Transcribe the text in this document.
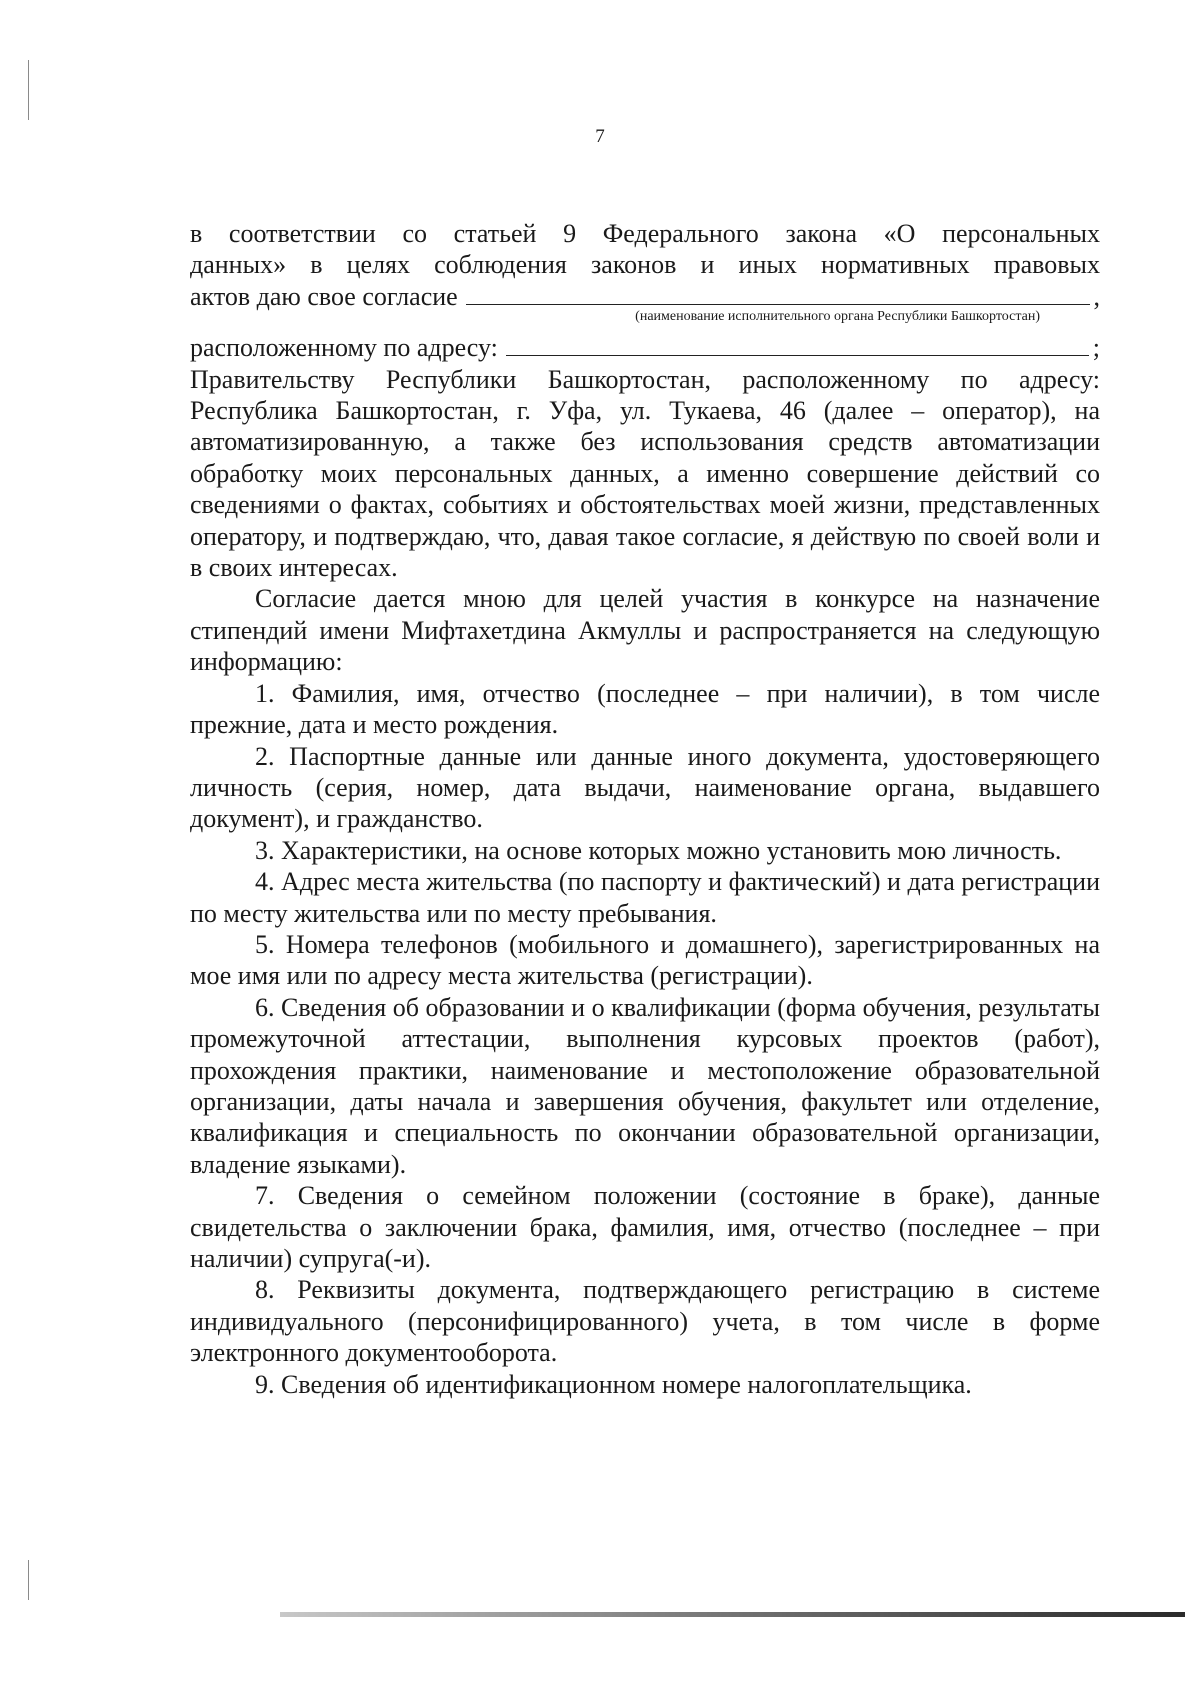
7

в соответствии со статьей 9 Федерального закона «О персональных

данных» в целях соблюдения законов и иных нормативных правовых

актов даю свое согласие	,
(наименование исполнительного органа Республики Башкортостан)
расположенному по адресу:	;

Правительству Республики Башкортостан, расположенному по адресу: Республика Башкортостан, г. Уфа, ул. Тукаева, 46 (далее – оператор), на автоматизированную, а также без использования средств автоматизации обработку моих персональных данных, а именно совершение действий со сведениями о фактах, событиях и обстоятельствах моей жизни, представленных оператору, и подтверждаю, что, давая такое согласие, я действую по своей воли и в своих интересах.

Согласие дается мною для целей участия в конкурсе на назначение стипендий имени Мифтахетдина Акмуллы и распространяется на следующую информацию:

1. Фамилия, имя, отчество (последнее – при наличии), в том числе прежние, дата и место рождения.

2. Паспортные данные или данные иного документа, удостоверяющего личность (серия, номер, дата выдачи, наименование органа, выдавшего документ), и гражданство.

3. Характеристики, на основе которых можно установить мою личность.

4. Адрес места жительства (по паспорту и фактический) и дата регистрации по месту жительства или по месту пребывания.

5. Номера телефонов (мобильного и домашнего), зарегистрированных на мое имя или по адресу места жительства (регистрации).

6. Сведения об образовании и о квалификации (форма обучения, результаты промежуточной аттестации, выполнения курсовых проектов (работ), прохождения практики, наименование и местоположение образовательной организации, даты начала и завершения обучения, факультет или отделение, квалификация и специальность по окончании образовательной организации, владение языками).

7. Сведения о семейном положении (состояние в браке), данные свидетельства о заключении брака, фамилия, имя, отчество (последнее – при наличии) супруга(-и).

8. Реквизиты документа, подтверждающего регистрацию в системе индивидуального (персонифицированного) учета, в том числе в форме электронного документооборота.

9. Сведения об идентификационном номере налогоплательщика.
